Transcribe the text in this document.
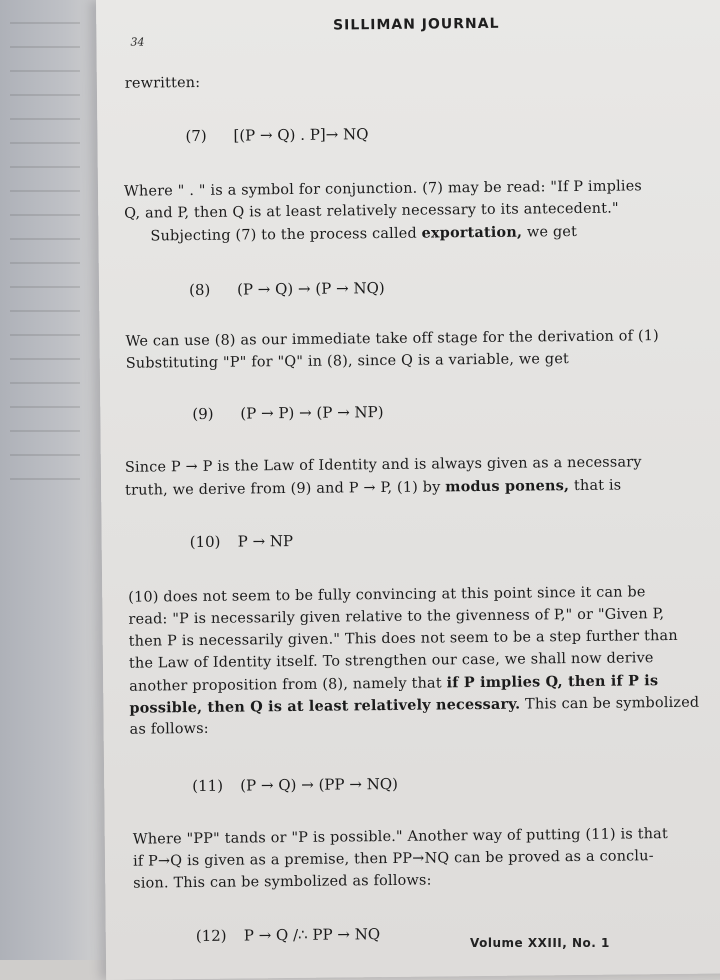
SILLIMAN JOURNAL
34
rewritten:
(7) [(P → Q) . P]→ NQ
Where " . " is a symbol for conjunction. (7) may be read: "If P implies
Q, and P, then Q is at least relatively necessary to its antecedent."
Subjecting (7) to the process called exportation, we get
(8) (P → Q) → (P → NQ)
We can use (8) as our immediate take off stage for the derivation of (1)
Substituting "P" for "Q" in (8), since Q is a variable, we get
(9) (P → P) → (P → NP)
Since P → P is the Law of Identity and is always given as a necessary
truth, we derive from (9) and P → P, (1) by modus ponens, that is
(10) P → NP
(10) does not seem to be fully convincing at this point since it can be
read: "P is necessarily given relative to the givenness of P," or "Given P,
then P is necessarily given." This does not seem to be a step further than
the Law of Identity itself. To strengthen our case, we shall now derive
another proposition from (8), namely that if P implies Q, then if P is
possible, then Q is at least relatively necessary. This can be symbolized
as follows:
(11) (P → Q) → (PP → NQ)
Where "PP" tands or "P is possible." Another way of putting (11) is that
if P→Q is given as a premise, then PP→NQ can be proved as a conclu-
sion. This can be symbolized as follows:
(12) P → Q /∴ PP → NQ	Volume XXIII, No. 1
